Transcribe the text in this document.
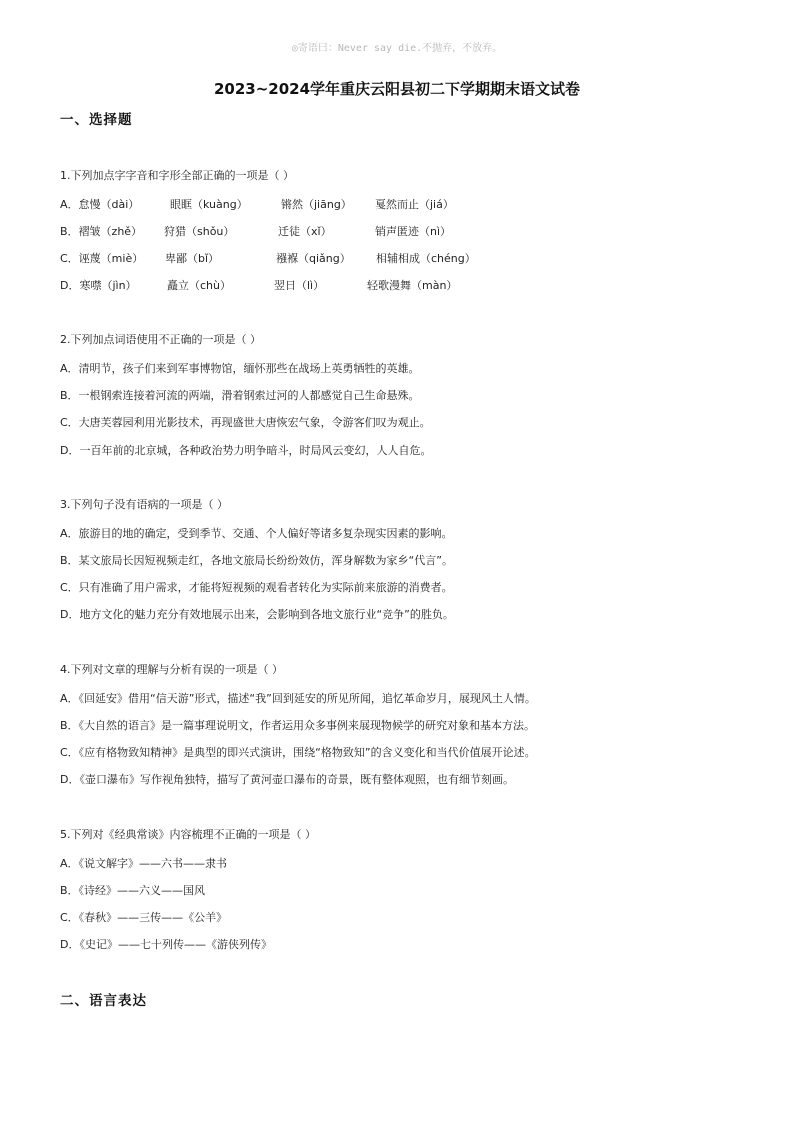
◎寄语曰：Never say die.不抛弃，不放弃。
2023~2024学年重庆云阳县初二下学期期末语文试卷
一、选择题
1.下列加点字字音和字形全部正确的一项是（ ）
A．怠慢（dài）	眼眶（kuàng）	锵然（jiāng） 戛然而止（jiá）
B．褶皱（zhě） 狩猎（shǒu）	迁徒（xǐ）	销声匿迹（nì）
C．诬蔑（miè） 卑鄙（bǐ）	襁褓（qiǎng） 相辅相成（chéng）
D．寒噤（jìn）	矗立（chù）	翌日（lì）	轻歌漫舞（màn）
2.下列加点词语使用不正确的一项是（ ）
A．清明节，孩子们来到军事博物馆，缅怀那些在战场上英勇牺牲的英雄。
B．一根钢索连接着河流的两端，滑着钢索过河的人都感觉自己生命悬殊。
C．大唐芙蓉园利用光影技术，再现盛世大唐恢宏气象，令游客们叹为观止。
D．一百年前的北京城，各种政治势力明争暗斗，时局风云变幻，人人自危。
3.下列句子没有语病的一项是（ ）
A．旅游目的地的确定，受到季节、交通、个人偏好等诸多复杂现实因素的影响。
B．某文旅局长因短视频走红，各地文旅局长纷纷效仿，浑身解数为家乡“代言”。
C．只有准确了用户需求，才能将短视频的观看者转化为实际前来旅游的消费者。
D．地方文化的魅力充分有效地展示出来，会影响到各地文旅行业“竞争”的胜负。
4.下列对文章的理解与分析有误的一项是（ ）
A．《回延安》借用“信天游”形式，描述“我”回到延安的所见所闻，追忆革命岁月，展现风土人情。
B．《大自然的语言》是一篇事理说明文，作者运用众多事例来展现物候学的研究对象和基本方法。
C．《应有格物致知精神》是典型的即兴式演讲，围绕“格物致知”的含义变化和当代价值展开论述。
D．《壶口瀑布》写作视角独特，描写了黄河壶口瀑布的奇景，既有整体观照，也有细节刻画。
5.下列对《经典常谈》内容梳理不正确的一项是（ ）
A．《说文解字》——六书——隶书
B．《诗经》——六义——国风
C．《春秋》——三传——《公羊》
D．《史记》——七十列传——《游侠列传》
二、语言表达
